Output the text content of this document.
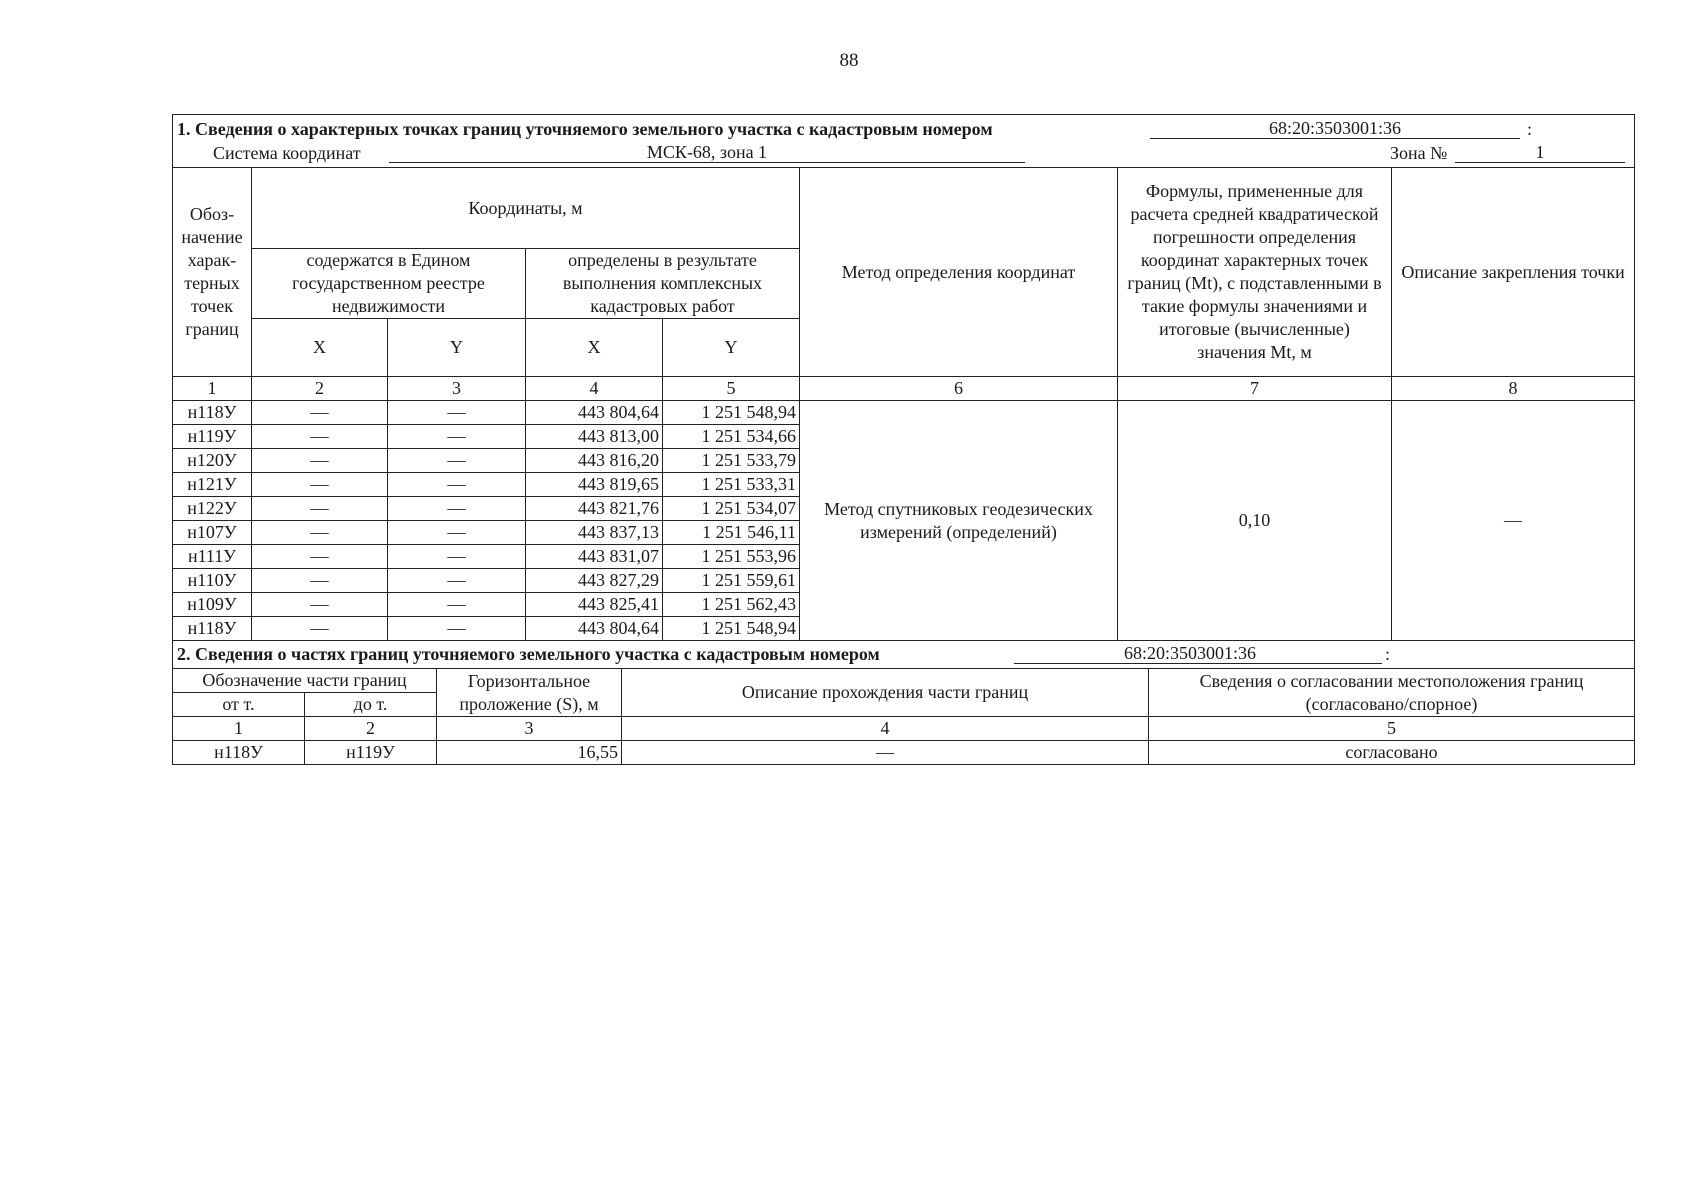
88
1. Сведения о характерных точках границ уточняемого земельного участка с кадастровым номером 68:20:3503001:36 :							

Система координат МСК-68, зона 1 Зона № 1							

Обоз-начение харак-терных точек границ	Координаты, м				Метод определения координат	Формулы, примененные для расчета средней квадратической погрешности определения координат характерных точек границ (Mt), с подставленными в такие формулы значениями и итоговые (вычисленные) значения Mt, м	Описание закрепления точки
	содержатся в Едином государственном реестре недвижимости		определены в результате выполнения комплексных кадастровых работ				
	X	Y	X	Y			
1	2	3	4	5	6	7	8
н118У	—	—	443 804,64	1 251 548,94	Метод спутниковых геодезических измерений (определений)	0,10	—
н119У	—	—	443 813,00	1 251 534,66			
н120У	—	—	443 816,20	1 251 533,79			
н121У	—	—	443 819,65	1 251 533,31			
н122У	—	—	443 821,76	1 251 534,07			
н107У	—	—	443 837,13	1 251 546,11			
н111У	—	—	443 831,07	1 251 553,96			
н110У	—	—	443 827,29	1 251 559,61			
н109У	—	—	443 825,41	1 251 562,43			
н118У	—	—	443 804,64	1 251 548,94			
2. Сведения о частях границ уточняемого земельного участка с кадастровым номером 68:20:3503001:36 :				

Обозначение части границ		Горизонтальное проложение (S), м	Описание прохождения части границ	Сведения о согласовании местоположения границ (согласовано/спорное)
от т.	до т.			
1	2	3	4	5
н118У	н119У	16,55	—	согласовано
